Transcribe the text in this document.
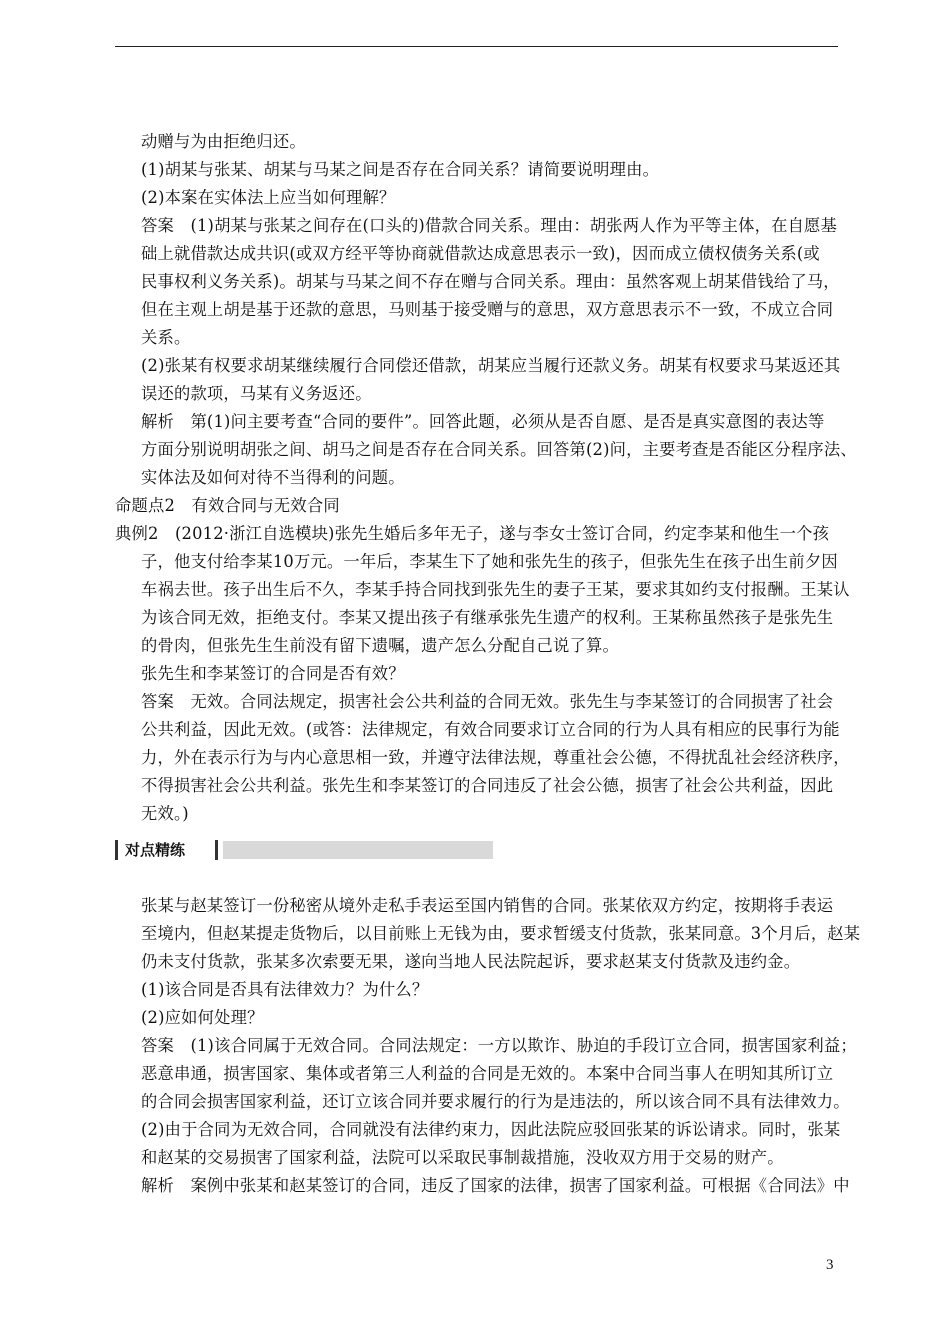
动赠与为由拒绝归还。
(1)胡某与张某、胡某与马某之间是否存在合同关系？请简要说明理由。
(2)本案在实体法上应当如何理解？
答案　(1)胡某与张某之间存在(口头的)借款合同关系。理由：胡张两人作为平等主体，在自愿基
础上就借款达成共识(或双方经平等协商就借款达成意思表示一致)，因而成立债权债务关系(或
民事权利义务关系)。胡某与马某之间不存在赠与合同关系。理由：虽然客观上胡某借钱给了马，
但在主观上胡是基于还款的意思，马则基于接受赠与的意思，双方意思表示不一致，不成立合同
关系。
(2)张某有权要求胡某继续履行合同偿还借款，胡某应当履行还款义务。胡某有权要求马某返还其
误还的款项，马某有义务返还。
解析　第(1)问主要考查“合同的要件”。回答此题，必须从是否自愿、是否是真实意图的表达等
方面分别说明胡张之间、胡马之间是否存在合同关系。回答第(2)问，主要考查是否能区分程序法、
实体法及如何对待不当得利的问题。
命题点2　有效合同与无效合同
典例2　(2012·浙江自选模块)张先生婚后多年无子，遂与李女士签订合同，约定李某和他生一个孩
子，他支付给李某10万元。一年后，李某生下了她和张先生的孩子，但张先生在孩子出生前夕因
车祸去世。孩子出生后不久，李某手持合同找到张先生的妻子王某，要求其如约支付报酬。王某认
为该合同无效，拒绝支付。李某又提出孩子有继承张先生遗产的权利。王某称虽然孩子是张先生
的骨肉，但张先生生前没有留下遗嘱，遗产怎么分配自己说了算。
张先生和李某签订的合同是否有效？
答案　无效。合同法规定，损害社会公共利益的合同无效。张先生与李某签订的合同损害了社会
公共利益，因此无效。(或答：法律规定，有效合同要求订立合同的行为人具有相应的民事行为能
力，外在表示行为与内心意思相一致，并遵守法律法规，尊重社会公德，不得扰乱社会经济秩序，
不得损害社会公共利益。张先生和李某签订的合同违反了社会公德，损害了社会公共利益，因此
无效。)
对点精练
张某与赵某签订一份秘密从境外走私手表运至国内销售的合同。张某依双方约定，按期将手表运
至境内，但赵某提走货物后，以目前账上无钱为由，要求暂缓支付货款，张某同意。3个月后，赵某
仍未支付货款，张某多次索要无果，遂向当地人民法院起诉，要求赵某支付货款及违约金。
(1)该合同是否具有法律效力？为什么？
(2)应如何处理？
答案　(1)该合同属于无效合同。合同法规定：一方以欺诈、胁迫的手段订立合同，损害国家利益；
恶意串通，损害国家、集体或者第三人利益的合同是无效的。本案中合同当事人在明知其所订立
的合同会损害国家利益，还订立该合同并要求履行的行为是违法的，所以该合同不具有法律效力。
(2)由于合同为无效合同，合同就没有法律约束力，因此法院应驳回张某的诉讼请求。同时，张某
和赵某的交易损害了国家利益，法院可以采取民事制裁措施，没收双方用于交易的财产。
解析　案例中张某和赵某签订的合同，违反了国家的法律，损害了国家利益。可根据《合同法》中
3
